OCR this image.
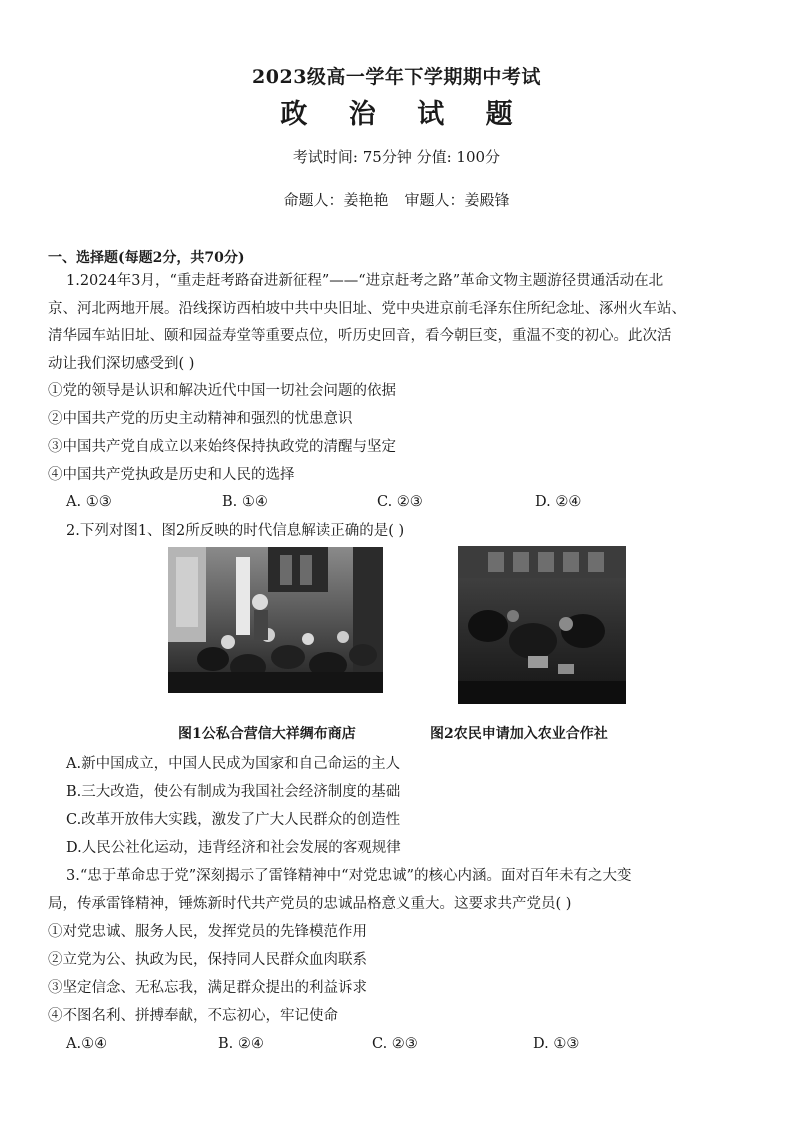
2023级高一学年下学期期中考试
政 治 试 题
考试时间: 75分钟 分值: 100分
命题人：姜艳艳 审题人：姜殿锋
一、选择题(每题2分，共70分)
1.2024年3月，“重走赶考路奋进新征程”——“进京赶考之路”革命文物主题游径贯通活动在北
京、河北两地开展。沿线探访西柏坡中共中央旧址、党中央进京前毛泽东住所纪念址、涿州火车站、
清华园车站旧址、颐和园益寿堂等重要点位，听历史回音，看今朝巨变，重温不变的初心。此次活
动让我们深切感受到( )
①党的领导是认识和解决近代中国一切社会问题的依据
②中国共产党的历史主动精神和强烈的忧患意识
③中国共产党自成立以来始终保持执政党的清醒与坚定
④中国共产党执政是历史和人民的选择
A. ①③	B. ①④	C. ②③	D. ②④
2.下列对图1、图2所反映的时代信息解读正确的是( )
图1公私合营信大祥绸布商店	图2农民申请加入农业合作社
A.新中国成立，中国人民成为国家和自己命运的主人
B.三大改造，使公有制成为我国社会经济制度的基础
C.改革开放伟大实践，激发了广大人民群众的创造性
D.人民公社化运动，违背经济和社会发展的客观规律
3.“忠于革命忠于党”深刻揭示了雷锋精神中“对党忠诚”的核心内涵。面对百年未有之大变
局，传承雷锋精神，锤炼新时代共产党员的忠诚品格意义重大。这要求共产党员( )
①对党忠诚、服务人民，发挥党员的先锋模范作用
②立党为公、执政为民，保持同人民群众血肉联系
③坚定信念、无私忘我，满足群众提出的利益诉求
④不图名利、拼搏奉献，不忘初心，牢记使命
A.①④	B. ②④	C. ②③	D. ①③
